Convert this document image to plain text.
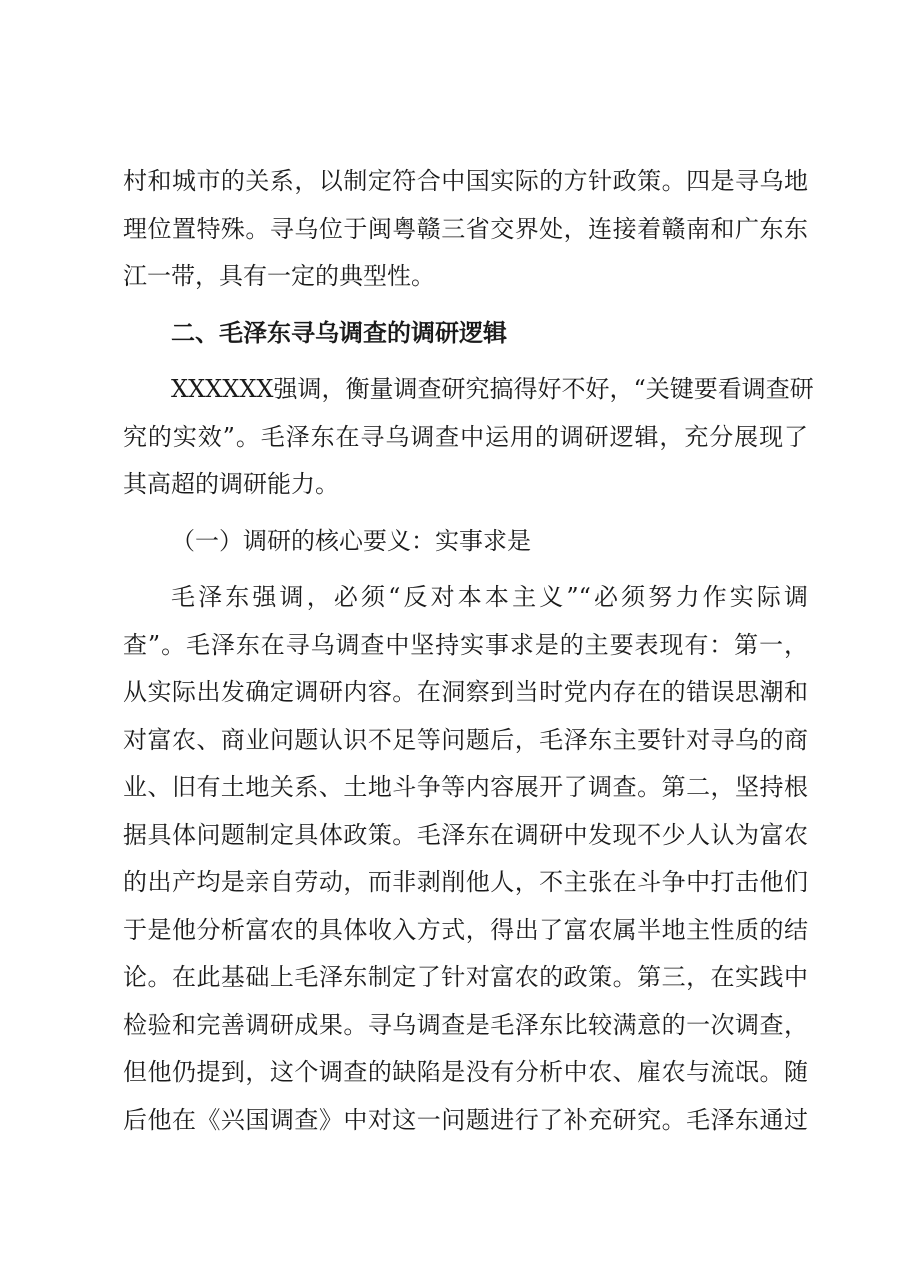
村和城市的关系，以制定符合中国实际的方针政策。四是寻乌地
理位置特殊。寻乌位于闽粤赣三省交界处，连接着赣南和广东东
江一带，具有一定的典型性。

二、毛泽东寻乌调查的调研逻辑

XXXXXX强调，衡量调查研究搞得好不好，“关键要看调查研
究的实效”。毛泽东在寻乌调查中运用的调研逻辑，充分展现了
其高超的调研能力。

（一）调研的核心要义：实事求是

毛泽东强调，必须“反对本本主义”“必须努力作实际调
查”。毛泽东在寻乌调查中坚持实事求是的主要表现有：第一，
从实际出发确定调研内容。在洞察到当时党内存在的错误思潮和
对富农、商业问题认识不足等问题后，毛泽东主要针对寻乌的商
业、旧有土地关系、土地斗争等内容展开了调查。第二，坚持根
据具体问题制定具体政策。毛泽东在调研中发现不少人认为富农
的出产均是亲自劳动，而非剥削他人，不主张在斗争中打击他们
于是他分析富农的具体收入方式，得出了富农属半地主性质的结
论。在此基础上毛泽东制定了针对富农的政策。第三，在实践中
检验和完善调研成果。寻乌调查是毛泽东比较满意的一次调查，
但他仍提到，这个调查的缺陷是没有分析中农、雇农与流氓。随
后他在《兴国调查》中对这一问题进行了补充研究。毛泽东通过
